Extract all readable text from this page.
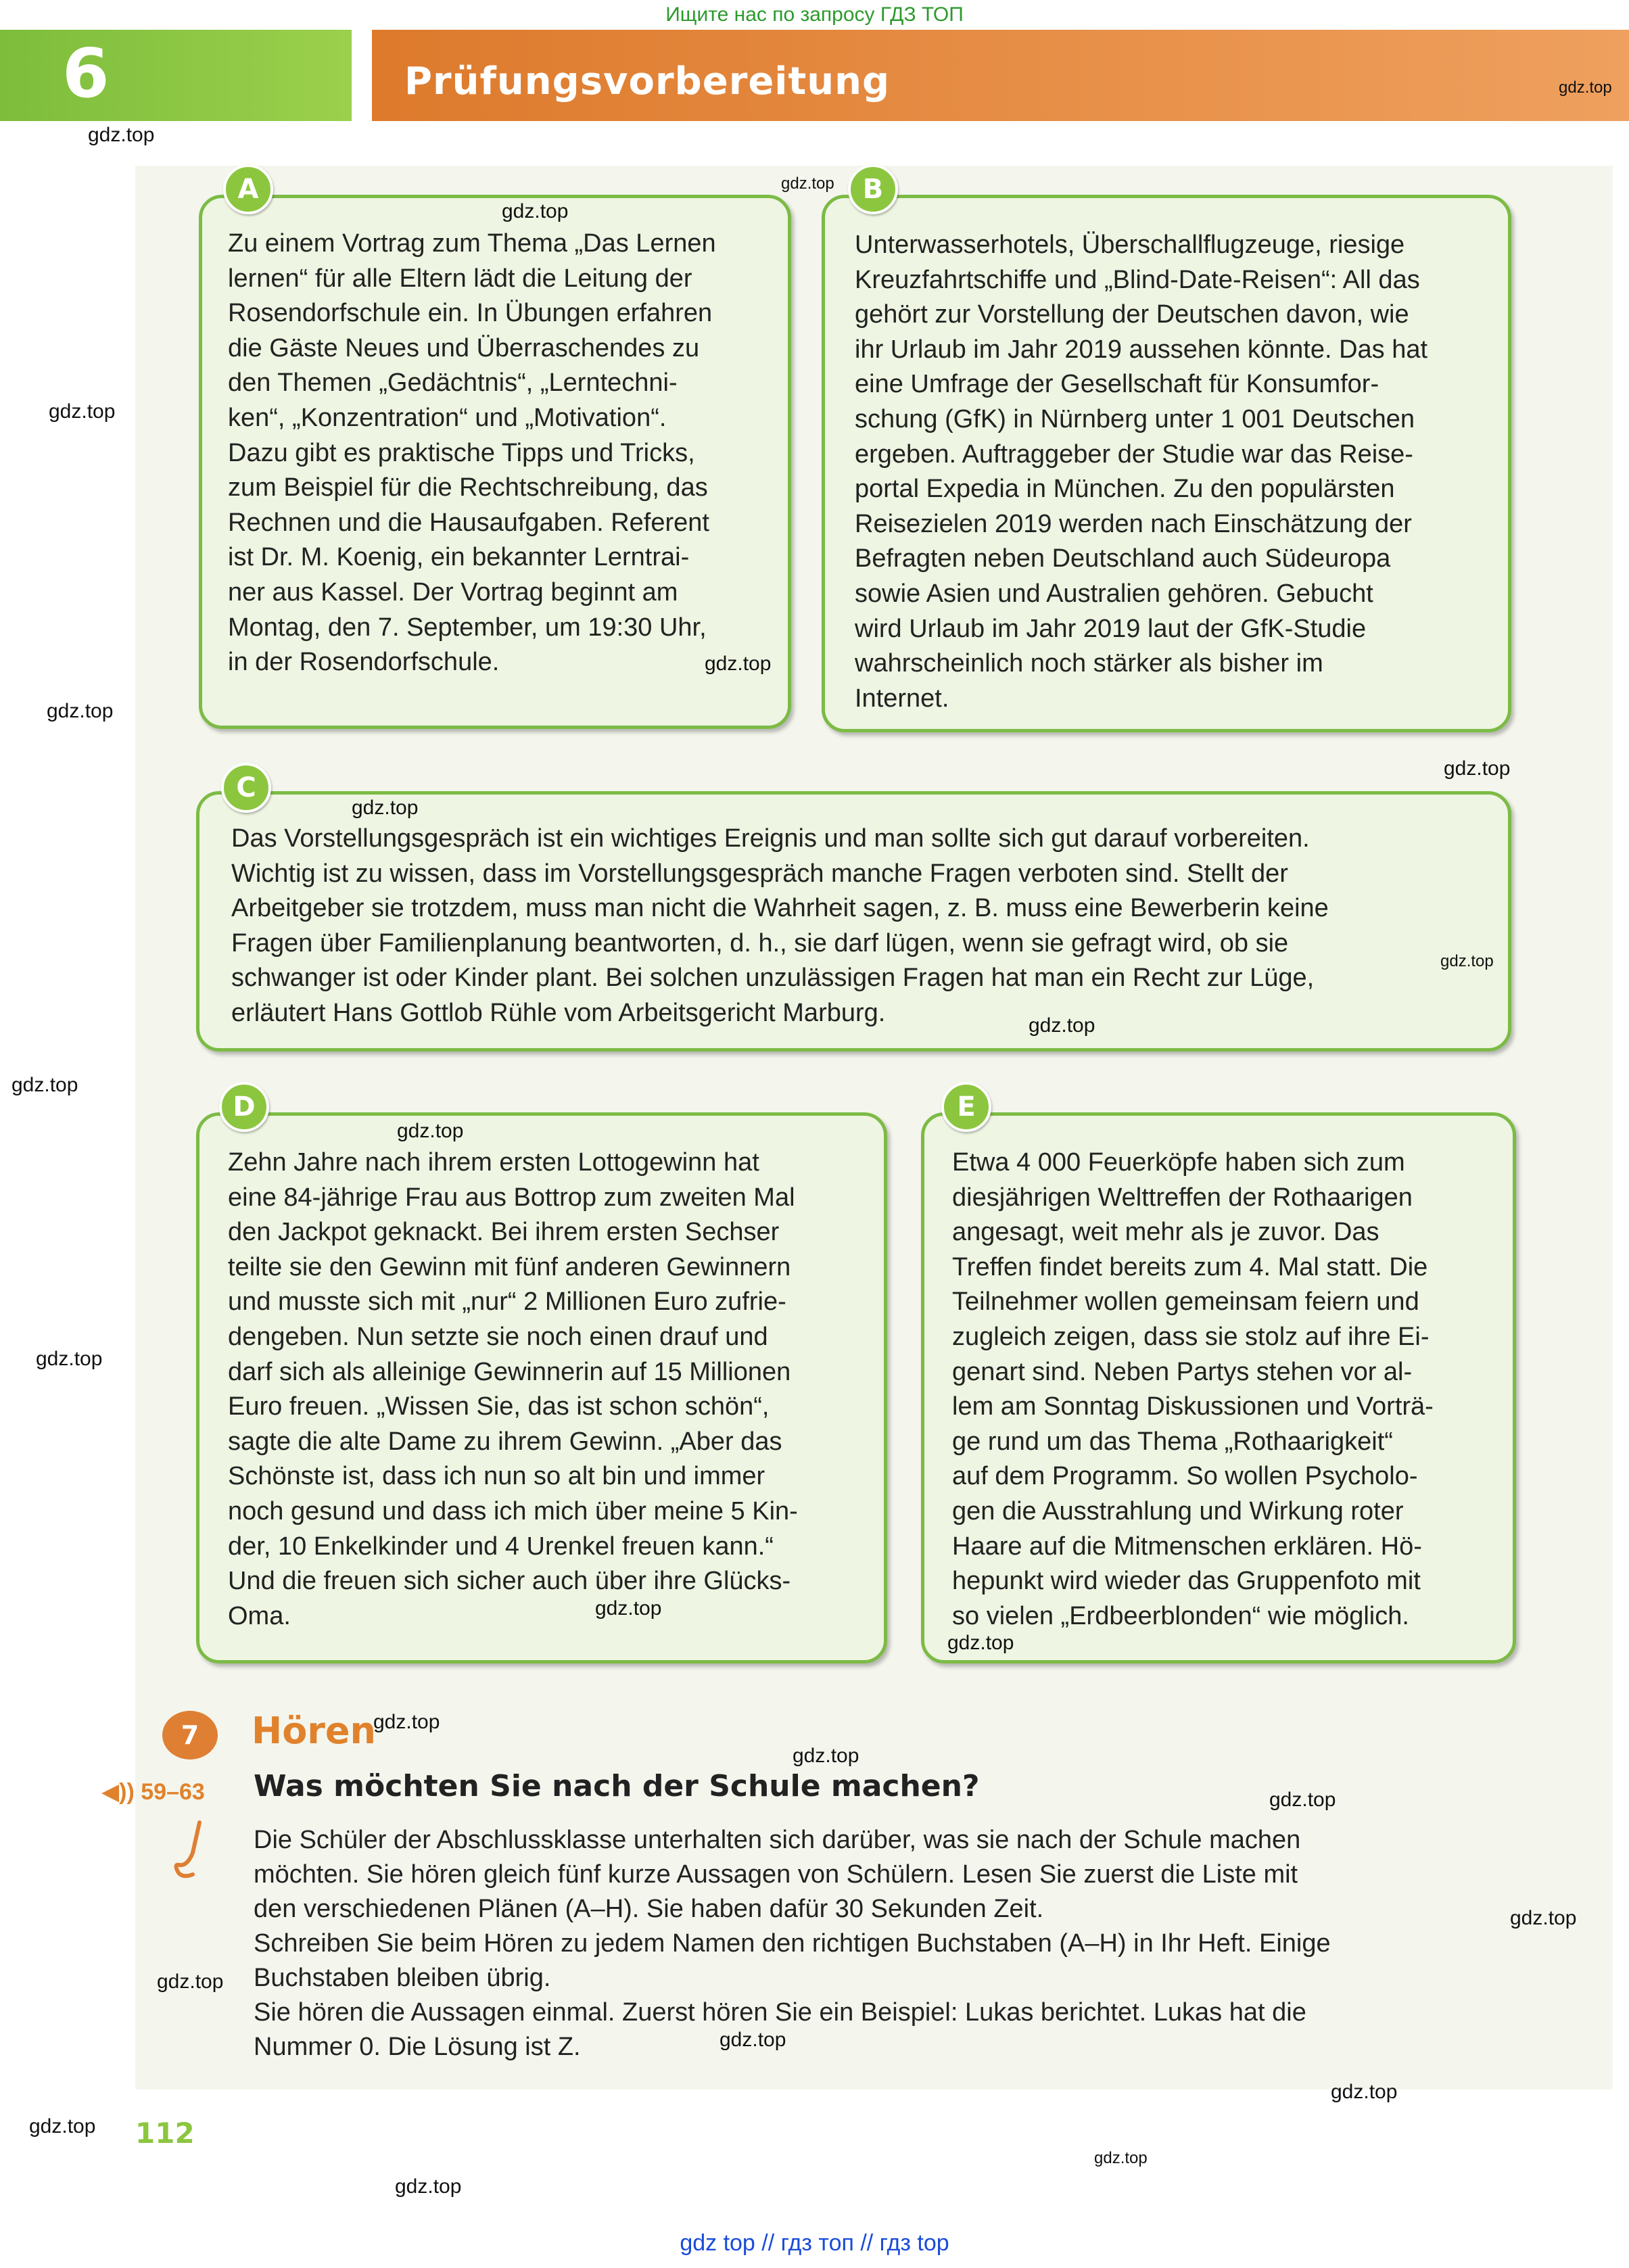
Ищите нас по запросу ГДЗ ТОП
6	Prüfungsvorbereitung
A

Zu einem Vortrag zum Thema „Das Lernen
lernen“ für alle Eltern lädt die Leitung der
Rosendorfschule ein. In Übungen erfahren
die Gäste Neues und Überraschendes zu
den Themen „Gedächtnis“, „Lerntechni-
ken“, „Konzentration“ und „Motivation“.
Dazu gibt es praktische Tipps und Tricks,
zum Beispiel für die Rechtschreibung, das
Rechnen und die Hausaufgaben. Referent
ist Dr. M. Koenig, ein bekannter Lerntrai-
ner aus Kassel. Der Vortrag beginnt am
Montag, den 7. September, um 19:30 Uhr,
in der Rosendorfschule.

B

Unterwasserhotels, Überschallflugzeuge, riesige
Kreuzfahrtschiffe und „Blind-Date-Reisen“: All das
gehört zur Vorstellung der Deutschen davon, wie
ihr Urlaub im Jahr 2019 aussehen könnte. Das hat
eine Umfrage der Gesellschaft für Konsumfor-
schung (GfK) in Nürnberg unter 1 001 Deutschen
ergeben. Auftraggeber der Studie war das Reise-
portal Expedia in München. Zu den populärsten
Reisezielen 2019 werden nach Einschätzung der
Befragten neben Deutschland auch Südeuropa
sowie Asien und Australien gehören. Gebucht
wird Urlaub im Jahr 2019 laut der GfK-Studie
wahrscheinlich noch stärker als bisher im
Internet.

C

Das Vorstellungsgespräch ist ein wichtiges Ereignis und man sollte sich gut darauf vorbereiten.
Wichtig ist zu wissen, dass im Vorstellungsgespräch manche Fragen verboten sind. Stellt der
Arbeitgeber sie trotzdem, muss man nicht die Wahrheit sagen, z. B. muss eine Bewerberin keine
Fragen über Familienplanung beantworten, d. h., sie darf lügen, wenn sie gefragt wird, ob sie
schwanger ist oder Kinder plant. Bei solchen unzulässigen Fragen hat man ein Recht zur Lüge,
erläutert Hans Gottlob Rühle vom Arbeitsgericht Marburg.

D

Zehn Jahre nach ihrem ersten Lottogewinn hat
eine 84-jährige Frau aus Bottrop zum zweiten Mal
den Jackpot geknackt. Bei ihrem ersten Sechser
teilte sie den Gewinn mit fünf anderen Gewinnern
und musste sich mit „nur“ 2 Millionen Euro zufrie-
dengeben. Nun setzte sie noch einen drauf und
darf sich als alleinige Gewinnerin auf 15 Millionen
Euro freuen. „Wissen Sie, das ist schon schön“,
sagte die alte Dame zu ihrem Gewinn. „Aber das
Schönste ist, dass ich nun so alt bin und immer
noch gesund und dass ich mich über meine 5 Kin-
der, 10 Enkelkinder und 4 Urenkel freuen kann.“
Und die freuen sich sicher auch über ihre Glücks-
Oma.

E

Etwa 4 000 Feuerköpfe haben sich zum
diesjährigen Welttreffen der Rothaarigen
angesagt, weit mehr als je zuvor. Das
Treffen findet bereits zum 4. Mal statt. Die
Teilnehmer wollen gemeinsam feiern und
zugleich zeigen, dass sie stolz auf ihre Ei-
genart sind. Neben Partys stehen vor al-
lem am Sonntag Diskussionen und Vorträ-
ge rund um das Thema „Rothaarigkeit“
auf dem Programm. So wollen Psycholo-
gen die Ausstrahlung und Wirkung roter
Haare auf die Mitmenschen erklären. Hö-
hepunkt wird wieder das Gruppenfoto mit
so vielen „Erdbeerblonden“ wie möglich.

7	Hören
◀)) 59–63 Was möchten Sie nach der Schule machen?

Die Schüler der Abschlussklasse unterhalten sich darüber, was sie nach der Schule machen
möchten. Sie hören gleich fünf kurze Aussagen von Schülern. Lesen Sie zuerst die Liste mit
den verschiedenen Plänen (A–H). Sie haben dafür 30 Sekunden Zeit.
Schreiben Sie beim Hören zu jedem Namen den richtigen Buchstaben (A–H) in Ihr Heft. Einige
Buchstaben bleiben übrig.
Sie hören die Aussagen einmal. Zuerst hören Sie ein Beispiel: Lukas berichtet. Lukas hat die
Nummer 0. Die Lösung ist Z.

112
gdz.top
gdz.top
gdz.top
gdz.top
gdz.top
gdz.top
gdz.top
gdz.top
gdz.top
gdz.top
gdz.top
gdz.top
gdz.top
gdz.top
gdz.top
gdz.top
gdz.top
gdz.top
gdz.top
gdz.top
gdz.top
gdz.top
gdz.top
gdz.top
gdz.top
gdz.top
gdz top // гдз топ // гдз top
